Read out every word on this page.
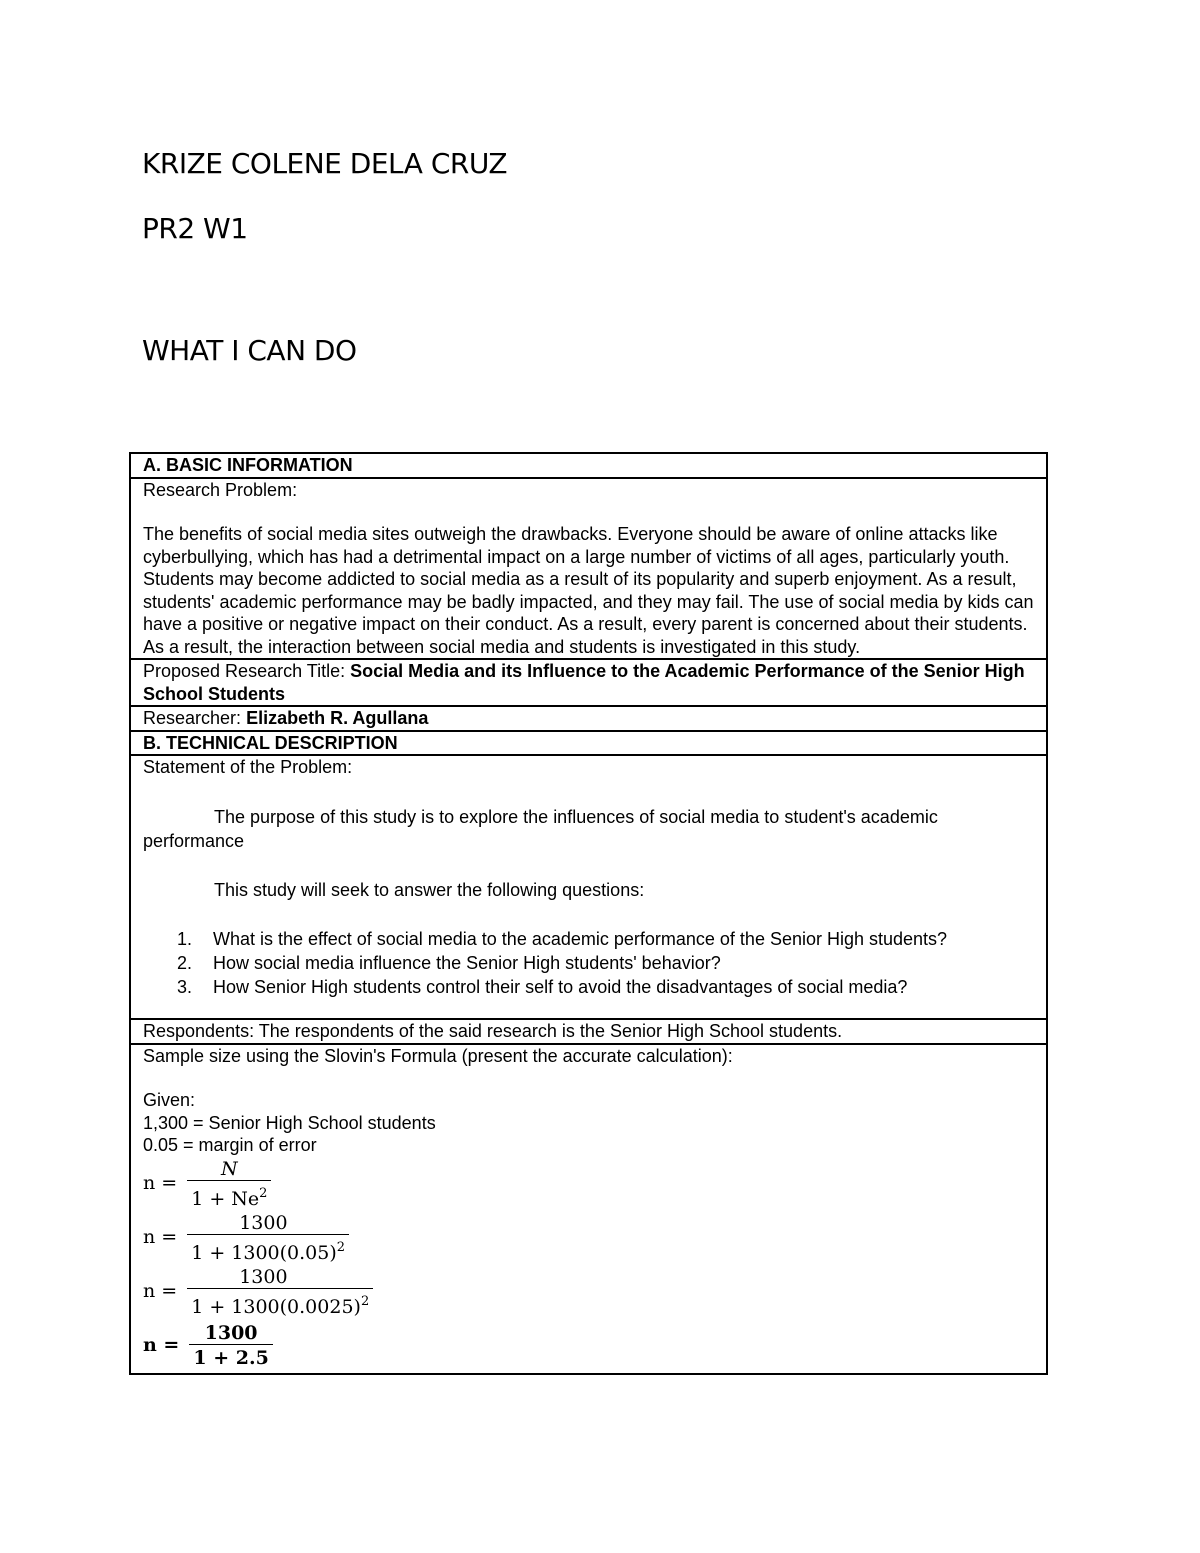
KRIZE COLENE DELA CRUZ
PR2 W1
WHAT I CAN DO
A. BASIC INFORMATION

Research Problem:

The benefits of social media sites outweigh the drawbacks. Everyone should be aware of online attacks like cyberbullying, which has had a detrimental impact on a large number of victims of all ages, particularly youth. Students may become addicted to social media as a result of its popularity and superb enjoyment. As a result, students' academic performance may be badly impacted, and they may fail. The use of social media by kids can have a positive or negative impact on their conduct. As a result, every parent is concerned about their students. As a result, the interaction between social media and students is investigated in this study.

Proposed Research Title: Social Media and its Influence to the Academic Performance of the Senior High School Students
Researcher: Elizabeth R. Agullana
B. TECHNICAL DESCRIPTION

Statement of the Problem:

The purpose of this study is to explore the influences of social media to student's academic performance

This study will seek to answer the following questions:

1. What is the effect of social media to the academic performance of the Senior High students?
2. How social media influence the Senior High students' behavior?
3. How Senior High students control their self to avoid the disadvantages of social media?

Respondents: The respondents of the said research is the Senior High School students.

Sample size using the Slovin's Formula (present the accurate calculation):

Given:

1,300 = Senior High School students

0.05 = margin of error

$n = \frac{N}{1 + Ne^2}$
$n = \frac{1300}{1 + 1300(0.05)^2}$
$n = \frac{1300}{1 + 1300(0.0025)^2}$
$n = \frac{1300}{1 + 2.5}$
